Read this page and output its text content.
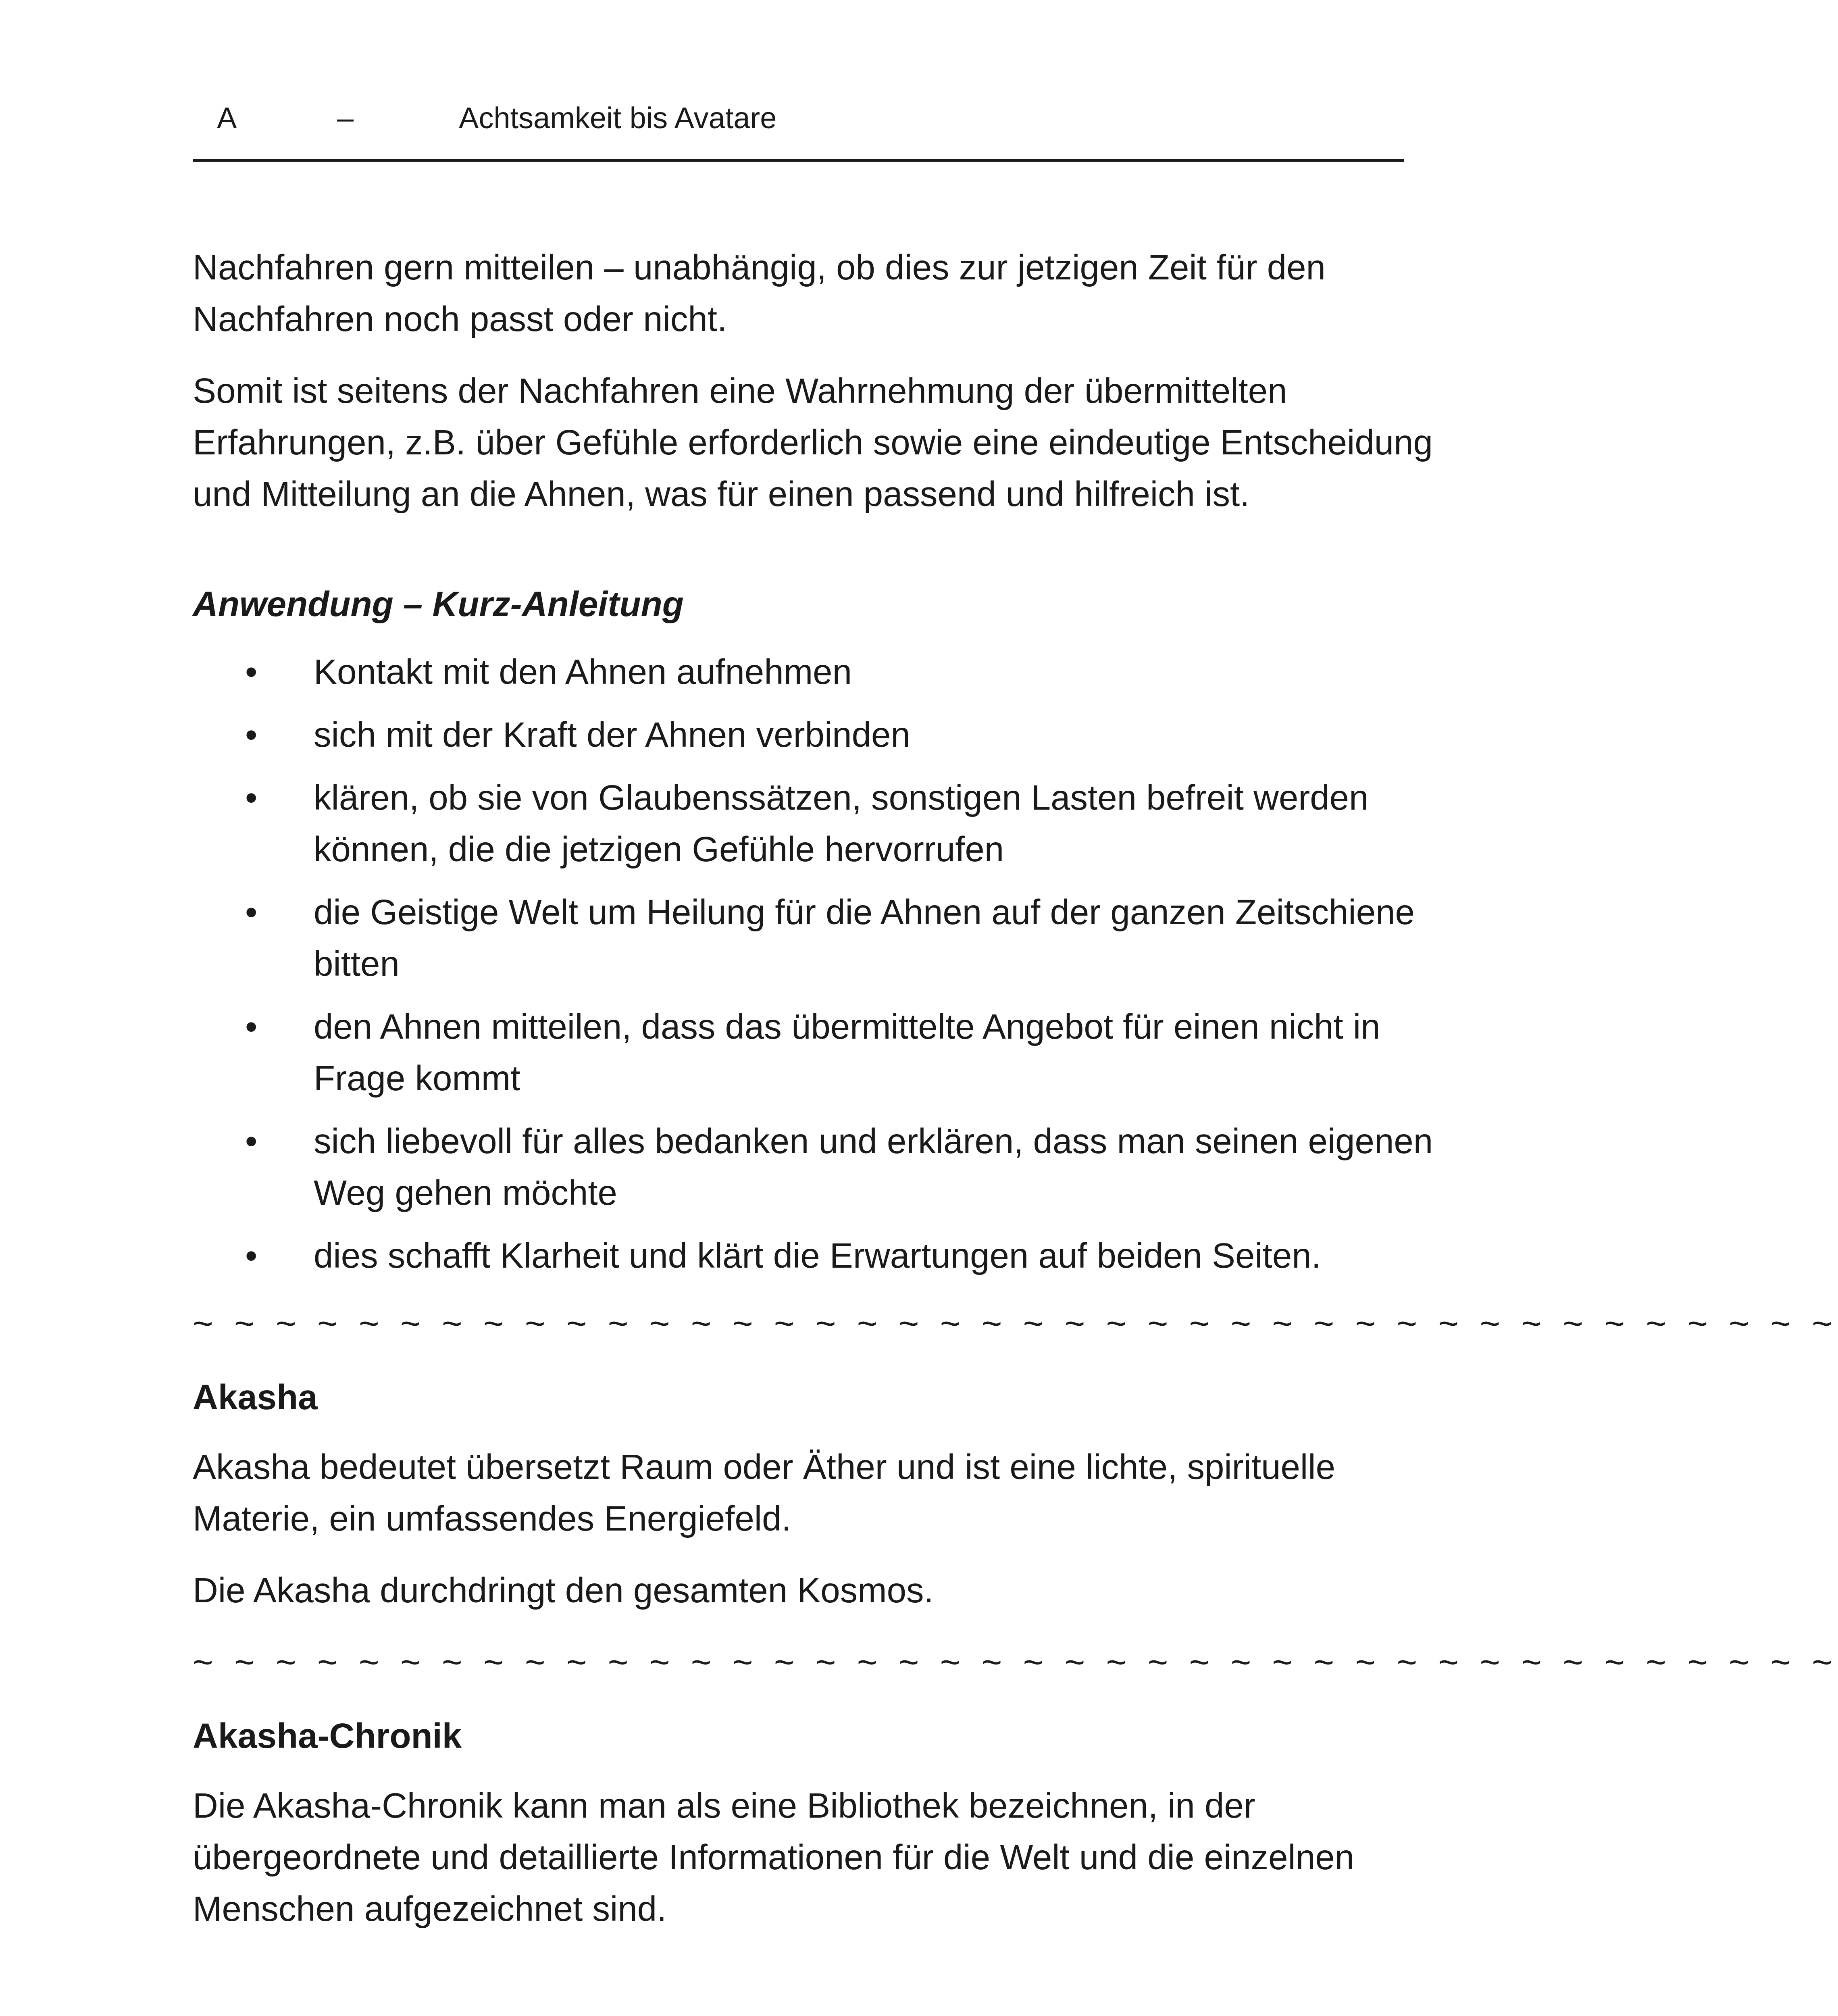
A	–	Achtsamkeit bis Avatare

Nachfahren gern mitteilen – unabhängig, ob dies zur jetzigen Zeit für den Nachfahren noch passt oder nicht.

Somit ist seitens der Nachfahren eine Wahrnehmung der übermittelten Erfahrungen, z.B. über Gefühle erforderlich sowie eine eindeutige Entscheidung und Mitteilung an die Ahnen, was für einen passend und hilfreich ist.

Anwendung – Kurz-Anleitung
• Kontakt mit den Ahnen aufnehmen
• sich mit der Kraft der Ahnen verbinden
• klären, ob sie von Glaubenssätzen, sonstigen Lasten befreit werden können, die die jetzigen Gefühle hervorrufen
• die Geistige Welt um Heilung für die Ahnen auf der ganzen Zeitschiene bitten
• den Ahnen mitteilen, dass das übermittelte Angebot für einen nicht in Frage kommt
• sich liebevoll für alles bedanken und erklären, dass man seinen eigenen Weg gehen möchte
• dies schafft Klarheit und klärt die Erwartungen auf beiden Seiten.
~ ~ ~ ~ ~ ~ ~ ~ ~ ~ ~ ~ ~ ~ ~ ~ ~ ~ ~ ~ ~ ~ ~ ~ ~ ~ ~ ~ ~ ~ ~ ~ ~ ~ ~ ~ ~ ~ ~ ~
Akasha

Akasha bedeutet übersetzt Raum oder Äther und ist eine lichte, spirituelle Materie, ein umfassendes Energiefeld.

Die Akasha durchdringt den gesamten Kosmos.

~ ~ ~ ~ ~ ~ ~ ~ ~ ~ ~ ~ ~ ~ ~ ~ ~ ~ ~ ~ ~ ~ ~ ~ ~ ~ ~ ~ ~ ~ ~ ~ ~ ~ ~ ~ ~ ~ ~ ~
Akasha-Chronik

Die Akasha-Chronik kann man als eine Bibliothek bezeichnen, in der übergeordnete und detaillierte Informationen für die Welt und die einzelnen Menschen aufgezeichnet sind.
